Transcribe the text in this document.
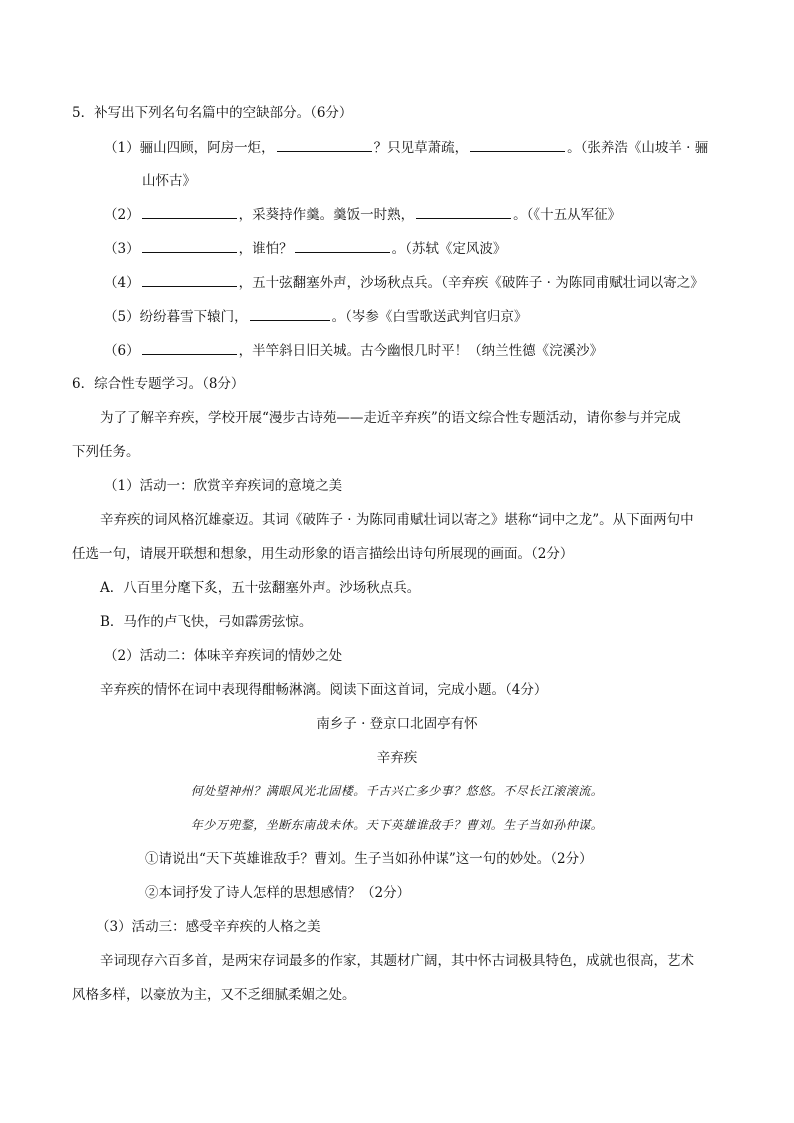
5．补写出下列名句名篇中的空缺部分。（6分）
（1）骊山四顾，阿房一炬，	？只见草萧疏，	。（张养浩《山坡羊 · 骊
山怀古》
（2）	，采葵持作羹。羹饭一时熟，	。（《十五从军征》
（3）	，谁怕？	。（苏轼《定风波》
（4）	，五十弦翻塞外声，沙场秋点兵。（辛弃疾《破阵子 · 为陈同甫赋壮词以寄之》
（5）纷纷暮雪下辕门，	。（岑参《白雪歌送武判官归京》
（6）	，半竿斜日旧关城。古今幽恨几时平！（纳兰性德《浣溪沙》
6．综合性专题学习。（8分）
为了了解辛弃疾，学校开展“漫步古诗苑——走近辛弃疾”的语文综合性专题活动，请你参与并完成
下列任务。
（1）活动一：欣赏辛弃疾词的意境之美
辛弃疾的词风格沉雄豪迈。其词《破阵子 · 为陈同甫赋壮词以寄之》堪称“词中之龙”。从下面两句中
任选一句，请展开联想和想象，用生动形象的语言描绘出诗句所展现的画面。（2分）
A．八百里分麾下炙，五十弦翻塞外声。沙场秋点兵。
B．马作的卢飞快，弓如霹雳弦惊。
（2）活动二：体味辛弃疾词的情妙之处
辛弃疾的情怀在词中表现得酣畅淋漓。阅读下面这首词，完成小题。（4分）
南乡子 · 登京口北固亭有怀
辛弃疾
何处望神州？满眼风光北固楼。千古兴亡多少事？悠悠。不尽长江滚滚流。
年少万兜鍪，坐断东南战未休。天下英雄谁敌手？曹刘。生子当如孙仲谋。
①请说出“天下英雄谁敌手？曹刘。生子当如孙仲谋”这一句的妙处。（2分）
②本词抒发了诗人怎样的思想感情？（2分）
（3）活动三：感受辛弃疾的人格之美
辛词现存六百多首，是两宋存词最多的作家，其题材广阔，其中怀古词极具特色，成就也很高，艺术
风格多样，以豪放为主，又不乏细腻柔媚之处。
